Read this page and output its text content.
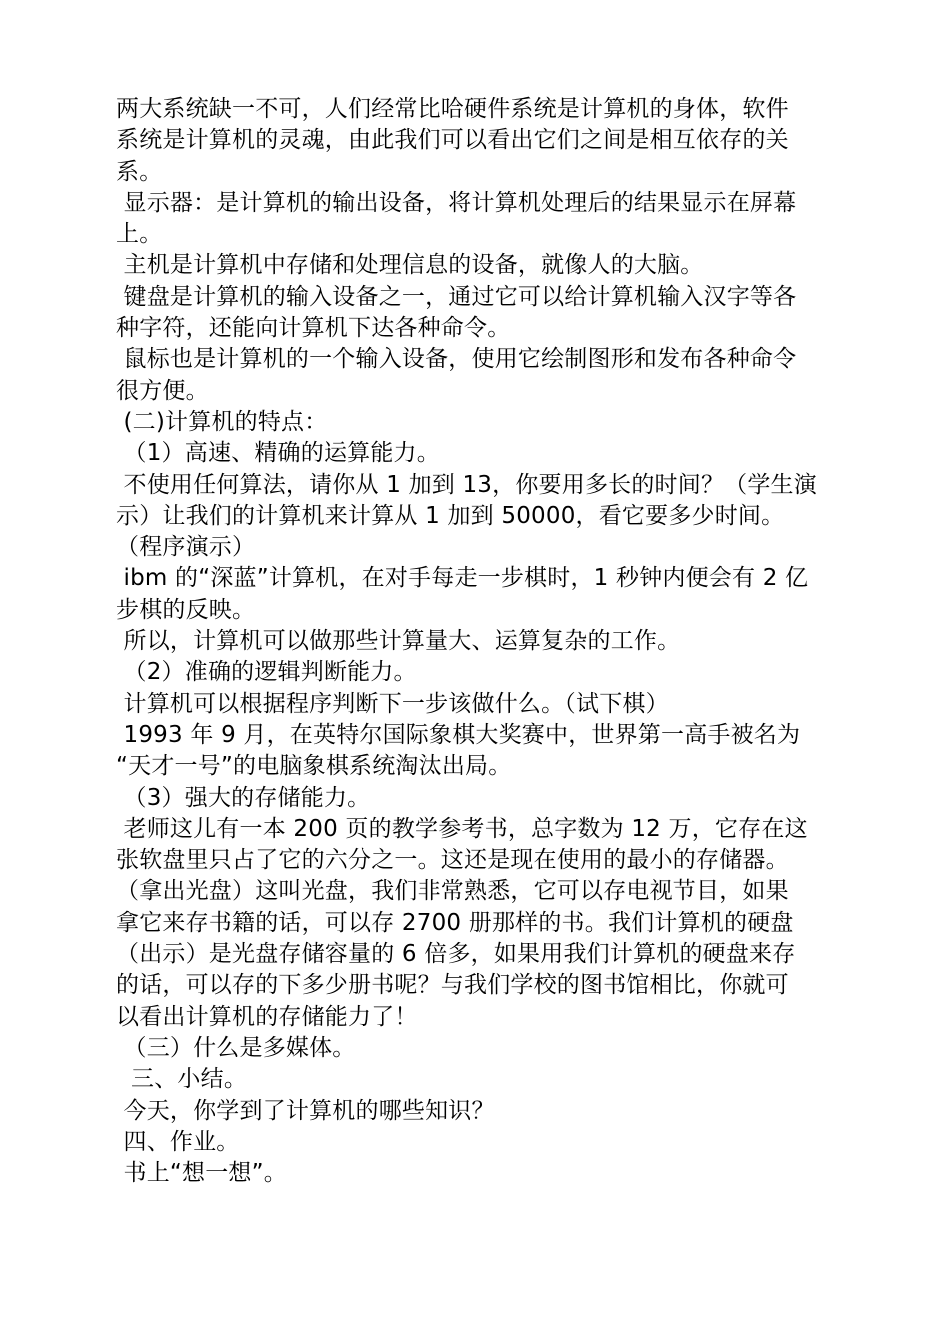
两大系统缺一不可，人们经常比哈硬件系统是计算机的身体，软件
系统是计算机的灵魂，由此我们可以看出它们之间是相互依存的关
系。
显示器：是计算机的输出设备，将计算机处理后的结果显示在屏幕
上。
主机是计算机中存储和处理信息的设备，就像人的大脑。
键盘是计算机的输入设备之一，通过它可以给计算机输入汉字等各
种字符，还能向计算机下达各种命令。
鼠标也是计算机的一个输入设备，使用它绘制图形和发布各种命令
很方便。
(二)计算机的特点：
（1）高速、精确的运算能力。
不使用任何算法，请你从 1 加到 13，你要用多长的时间？（学生演
示）让我们的计算机来计算从 1 加到 50000，看它要多少时间。
（程序演示）
ibm 的“深蓝”计算机，在对手每走一步棋时，1 秒钟内便会有 2 亿
步棋的反映。
所以，计算机可以做那些计算量大、运算复杂的工作。
（2）准确的逻辑判断能力。
计算机可以根据程序判断下一步该做什么。（试下棋）
1993 年 9 月，在英特尔国际象棋大奖赛中，世界第一高手被名为
“天才一号”的电脑象棋系统淘汰出局。
（3）强大的存储能力。
老师这儿有一本 200 页的教学参考书，总字数为 12 万，它存在这
张软盘里只占了它的六分之一。这还是现在使用的最小的存储器。
（拿出光盘）这叫光盘，我们非常熟悉，它可以存电视节目，如果
拿它来存书籍的话，可以存 2700 册那样的书。我们计算机的硬盘
（出示）是光盘存储容量的 6 倍多，如果用我们计算机的硬盘来存
的话，可以存的下多少册书呢？与我们学校的图书馆相比，你就可
以看出计算机的存储能力了！
（三）什么是多媒体。
三、小结。
今天，你学到了计算机的哪些知识？
四、作业。
书上“想一想”。
